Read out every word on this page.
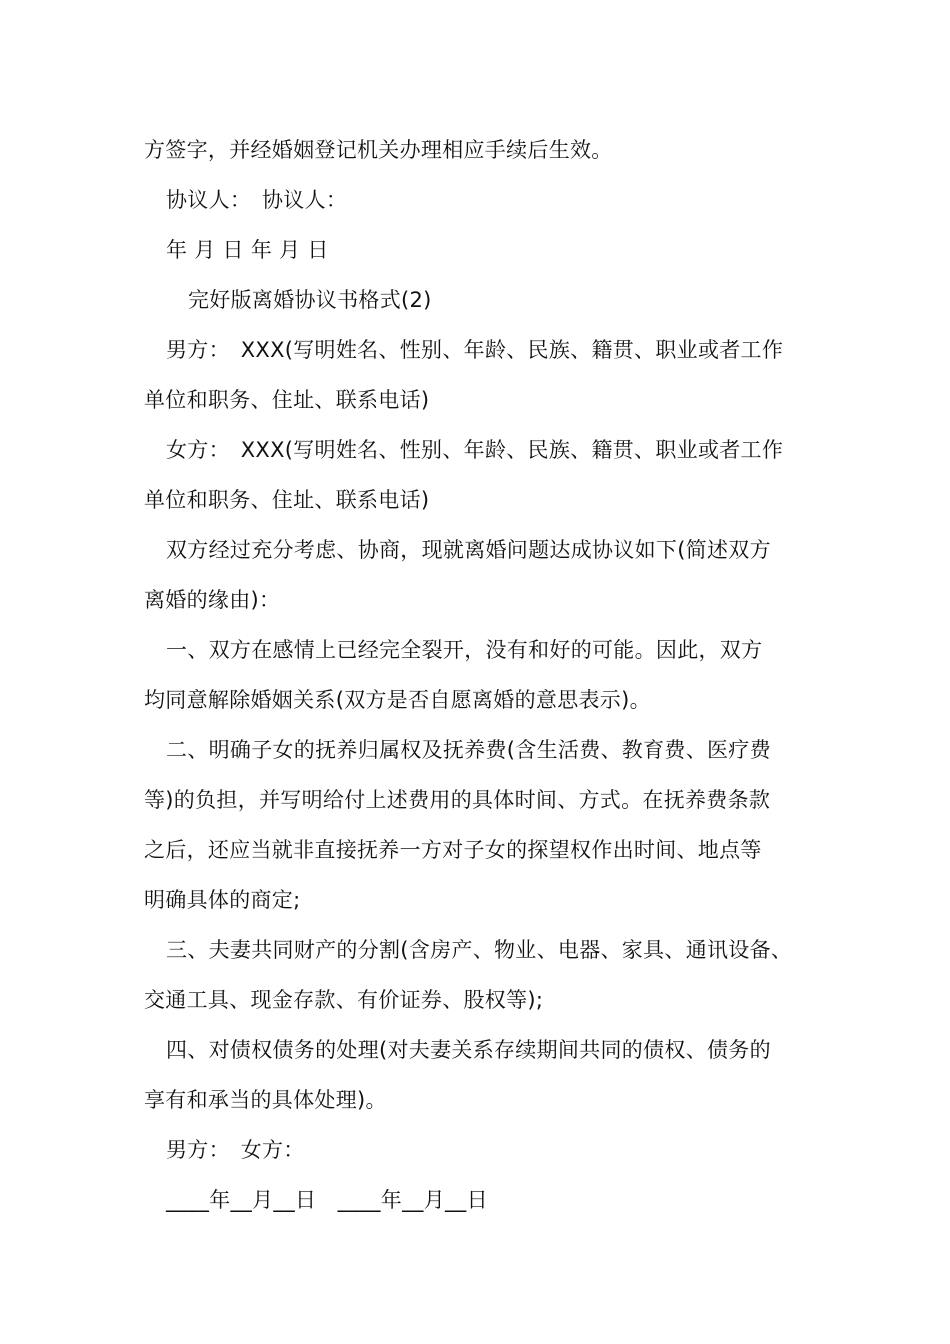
方签字，并经婚姻登记机关办理相应手续后生效。

协议人：　协议人：

年 月 日 年 月 日

完好版离婚协议书格式(2)

男方：　XXX(写明姓名、性别、年龄、民族、籍贯、职业或者工作

单位和职务、住址、联系电话)

女方：　XXX(写明姓名、性别、年龄、民族、籍贯、职业或者工作

单位和职务、住址、联系电话)

双方经过充分考虑、协商，现就离婚问题达成协议如下(简述双方

离婚的缘由)：

一、双方在感情上已经完全裂开，没有和好的可能。因此，双方

均同意解除婚姻关系(双方是否自愿离婚的意思表示)。

二、明确子女的抚养归属权及抚养费(含生活费、教育费、医疗费

等)的负担，并写明给付上述费用的具体时间、方式。在抚养费条款

之后，还应当就非直接抚养一方对子女的探望权作出时间、地点等

明确具体的商定;

三、夫妻共同财产的分割(含房产、物业、电器、家具、通讯设备、

交通工具、现金存款、有价证券、股权等);

四、对债权债务的处理(对夫妻关系存续期间共同的债权、债务的

享有和承当的具体处理)。

男方：　女方：

____年__月__日　____年__月__日
